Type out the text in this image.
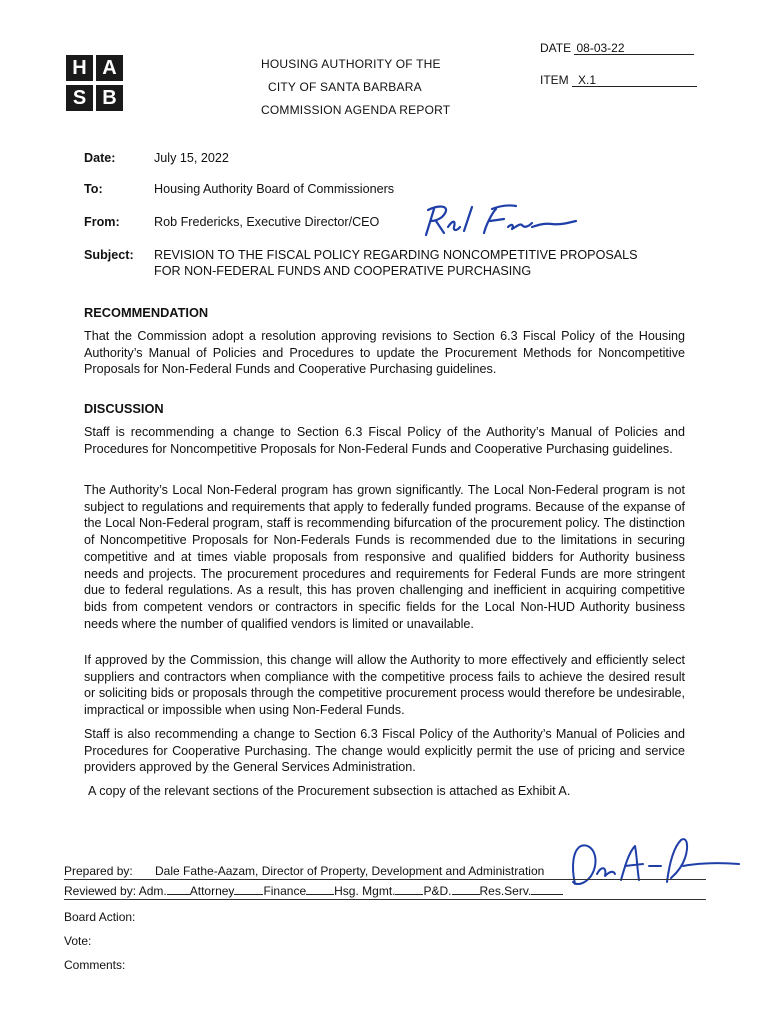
H A
S B
HOUSING AUTHORITY OF THE
CITY OF SANTA BARBARA
COMMISSION AGENDA REPORT
DATE 08-03-22
ITEM X.1
Date:	July 15, 2022
To:	Housing Authority Board of Commissioners
From:	Rob Fredericks, Executive Director/CEO
Subject: REVISION TO THE FISCAL POLICY REGARDING NONCOMPETITIVE PROPOSALS
FOR NON-FEDERAL FUNDS AND COOPERATIVE PURCHASING
RECOMMENDATION

That the Commission adopt a resolution approving revisions to Section 6.3 Fiscal Policy of the Housing Authority’s Manual of Policies and Procedures to update the Procurement Methods for Noncompetitive Proposals for Non-Federal Funds and Cooperative Purchasing guidelines.

DISCUSSION
Staff is recommending a change to Section 6.3 Fiscal Policy of the Authority’s Manual of Policies and Procedures for Noncompetitive Proposals for Non-Federal Funds and Cooperative Purchasing guidelines.
The Authority’s Local Non-Federal program has grown significantly. The Local Non-Federal program is not subject to regulations and requirements that apply to federally funded programs. Because of the expanse of the Local Non-Federal program, staff is recommending bifurcation of the procurement policy. The distinction of Noncompetitive Proposals for Non-Federals Funds is recommended due to the limitations in securing competitive and at times viable proposals from responsive and qualified bidders for Authority business needs and projects. The procurement procedures and requirements for Federal Funds are more stringent due to federal regulations. As a result, this has proven challenging and inefficient in acquiring competitive bids from competent vendors or contractors in specific fields for the Local Non-HUD Authority business needs where the number of qualified vendors is limited or unavailable.
If approved by the Commission, this change will allow the Authority to more effectively and efficiently select suppliers and contractors when compliance with the competitive process fails to achieve the desired result or soliciting bids or proposals through the competitive procurement process would therefore be undesirable, impractical or impossible when using Non-Federal Funds.
Staff is also recommending a change to Section 6.3 Fiscal Policy of the Authority’s Manual of Policies and Procedures for Cooperative Purchasing. The change would explicitly permit the use of pricing and service providers approved by the General Services Administration.
A copy of the relevant sections of the Procurement subsection is attached as Exhibit A.
Prepared by: Dale Fathe-Aazam, Director of Property, Development and Administration
Reviewed by: Adm. Attorney Finance Hsg. Mgmt. P&D. Res.Serv.
Board Action:
Vote:
Comments:
